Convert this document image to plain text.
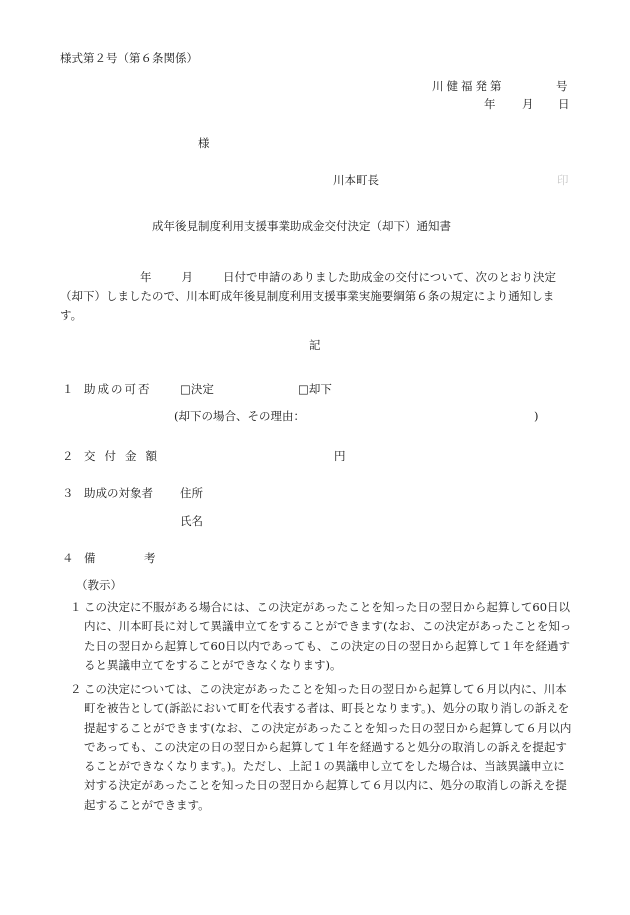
様式第２号（第６条関係）
川健福発第	号
年 月 日
様
川本町長	印
成年後見制度利用支援事業助成金交付決定（却下）通知書
年	月	日付で申請のありました助成金の交付について、次のとおり決定（却下）しましたので、川本町成年後見制度利用支援事業実施要綱第６条の規定により通知します。
記
１ 助成の可否 □決定	□却下
(却下の場合、その理由：	)
２ 交付金額	円
３ 助成の対象者 住所
氏名
４ 備	考
（教示）
１ この決定に不服がある場合には、この決定があったことを知った日の翌日から起算して60日以内に、川本町長に対して異議申立てをすることができます(なお、この決定があったことを知った日の翌日から起算して60日以内であっても、この決定の日の翌日から起算して１年を経過すると異議申立てをすることができなくなります)。
２ この決定については、この決定があったことを知った日の翌日から起算して６月以内に、川本町を被告として(訴訟において町を代表する者は、町長となります。)、処分の取り消しの訴えを提起することができます(なお、この決定があったことを知った日の翌日から起算して６月以内であっても、この決定の日の翌日から起算して１年を経過すると処分の取消しの訴えを提起することができなくなります。)。ただし、上記１の異議申し立てをした場合は、当該異議申立に対する決定があったことを知った日の翌日から起算して６月以内に、処分の取消しの訴えを提起することができます。
